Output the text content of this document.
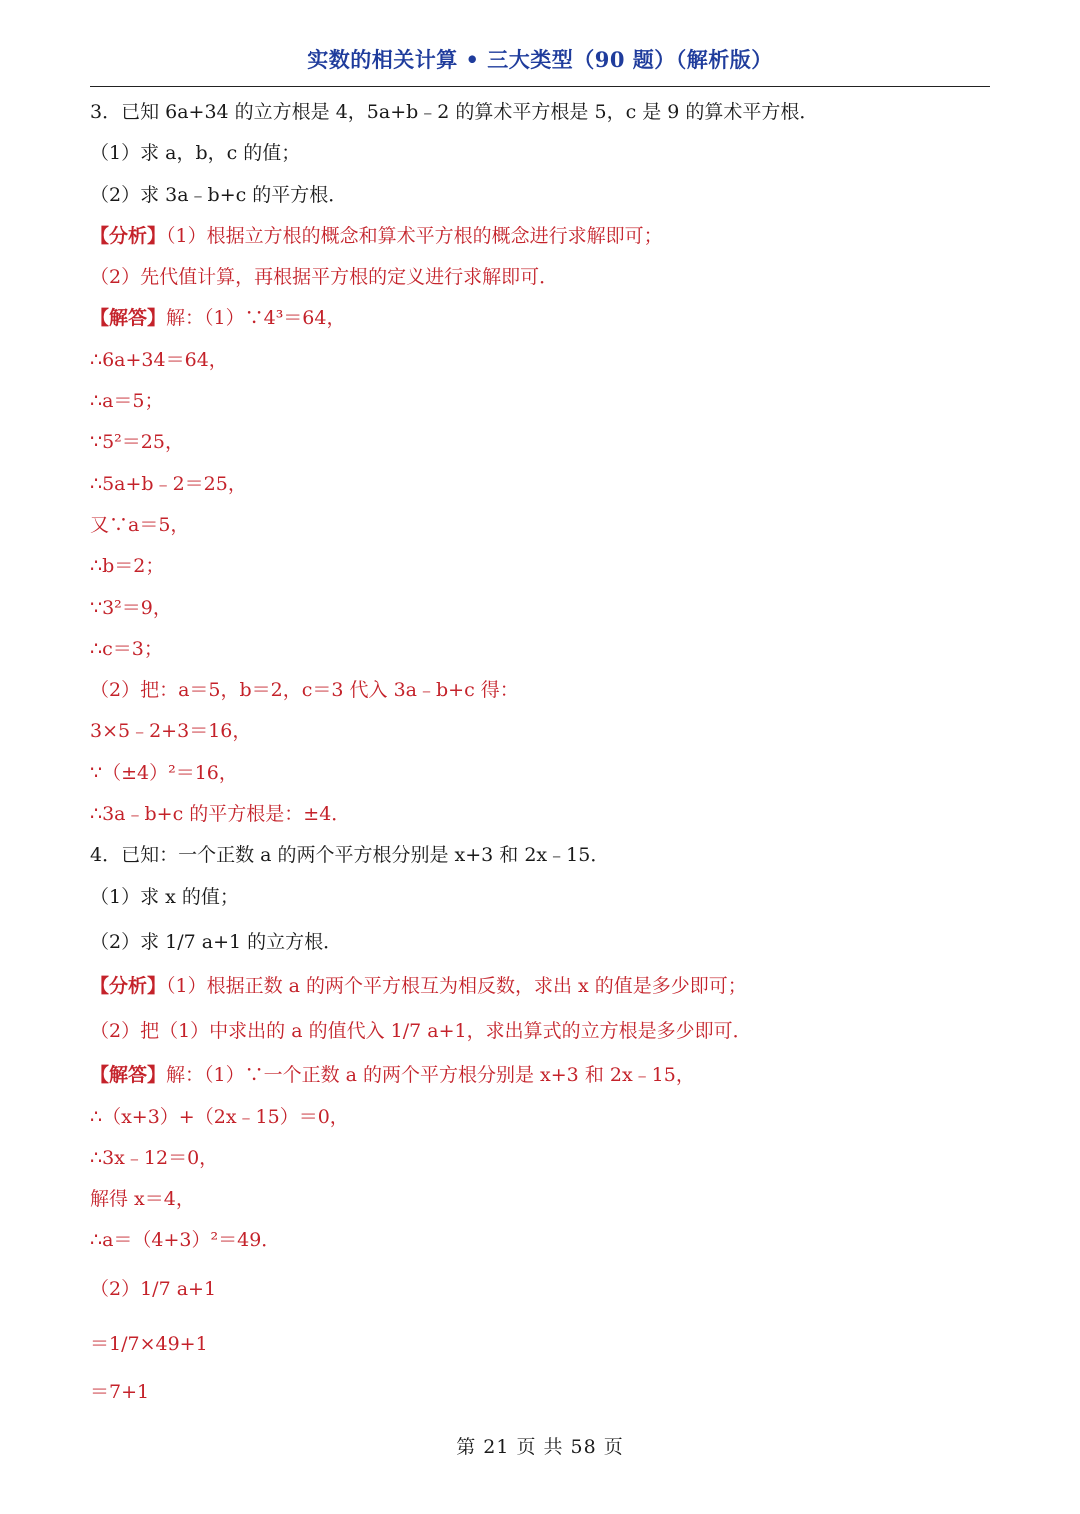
实数的相关计算 • 三大类型（90 题）（解析版）
3．已知 6a+34 的立方根是 4，5a+b﹣2 的算术平方根是 5，c 是 9 的算术平方根．
（1）求 a，b，c 的值；
（2）求 3a﹣b+c 的平方根．
【分析】（1）根据立方根的概念和算术平方根的概念进行求解即可；
（2）先代值计算，再根据平方根的定义进行求解即可．
【解答】解：（1）∵4³＝64，
∴6a+34＝64，
∴a＝5；
∵5²＝25，
∴5a+b﹣2＝25，
又∵a＝5，
∴b＝2；
∵3²＝9，
∴c＝3；
（2）把：a＝5，b＝2，c＝3 代入 3a﹣b+c 得：
3×5﹣2+3＝16，
∵（±4）²＝16，
∴3a﹣b+c 的平方根是：±4．
4．已知：一个正数 a 的两个平方根分别是 x+3 和 2x﹣15．
（1）求 x 的值；
（2）求 1/7 a+1 的立方根．
【分析】（1）根据正数 a 的两个平方根互为相反数，求出 x 的值是多少即可；
（2）把（1）中求出的 a 的值代入 1/7 a+1，求出算式的立方根是多少即可．
【解答】解：（1）∵一个正数 a 的两个平方根分别是 x+3 和 2x﹣15，
∴（x+3）+（2x﹣15）＝0，
∴3x﹣12＝0，
解得 x＝4，
∴a＝（4+3）²＝49．
（2）1/7 a+1
＝1/7×49+1
＝7+1
第 21 页 共 58 页
